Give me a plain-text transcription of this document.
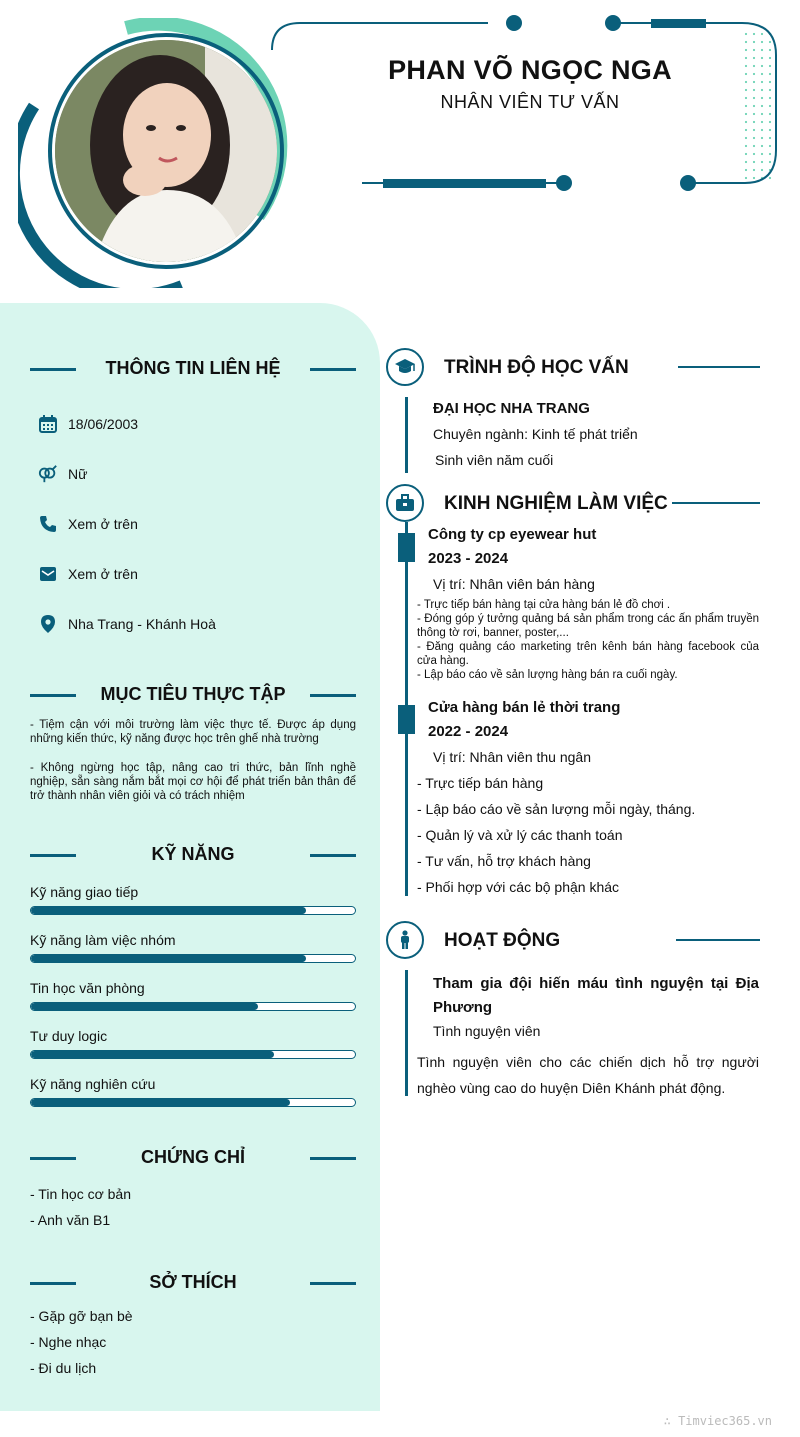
PHAN VÕ NGỌC NGA
NHÂN VIÊN TƯ VẤN
THÔNG TIN LIÊN HỆ
18/06/2003
Nữ
Xem ở trên
Xem ở trên
Nha Trang - Khánh Hoà
MỤC TIÊU THỰC TẬP
- Tiệm cận với môi trường làm việc thực tế. Được áp dụng những kiến thức, kỹ năng được học trên ghế nhà trường
- Không ngừng học tập, nâng cao tri thức, bản lĩnh nghề nghiệp, sẵn sàng nắm bắt mọi cơ hội để phát triển bản thân để trở thành nhân viên giỏi và có trách nhiệm
KỸ NĂNG
Kỹ năng giao tiếp
Kỹ năng làm việc nhóm
Tin học văn phòng
Tư duy logic
Kỹ năng nghiên cứu
CHỨNG CHỈ
- Tin học cơ bản
- Anh văn B1
SỞ THÍCH
- Gặp gỡ bạn bè
- Nghe nhạc
- Đi du lịch
TRÌNH ĐỘ HỌC VẤN
ĐẠI HỌC NHA TRANG
Chuyên ngành: Kinh tế phát triển
Sinh viên năm cuối
KINH NGHIỆM LÀM VIỆC
Công ty cp eyewear hut
2023 - 2024
Vị trí: Nhân viên bán hàng
- Trực tiếp bán hàng tại cửa hàng bán lẻ đồ chơi .
- Đóng góp ý tưởng quảng bá sản phẩm trong các ấn phẩm truyền thông tờ rơi, banner, poster,...
- Đăng quảng cáo marketing trên kênh bán hàng facebook của cửa hàng.
- Lập báo cáo về sản lượng hàng bán ra cuối ngày.
Cửa hàng bán lẻ thời trang
2022 - 2024
Vị trí: Nhân viên thu ngân
- Trực tiếp bán hàng
- Lập báo cáo về sản lượng mỗi ngày, tháng.
- Quản lý và xử lý các thanh toán
- Tư vấn, hỗ trợ khách hàng
- Phối hợp với các bộ phận khác
HOẠT ĐỘNG
Tham gia đội hiến máu tình nguyện tại Địa Phương
Tình nguyện viên
Tình nguyện viên cho các chiến dịch hỗ trợ người nghèo vùng cao do huyện Diên Khánh phát động.
∴ Timviec365.vn
